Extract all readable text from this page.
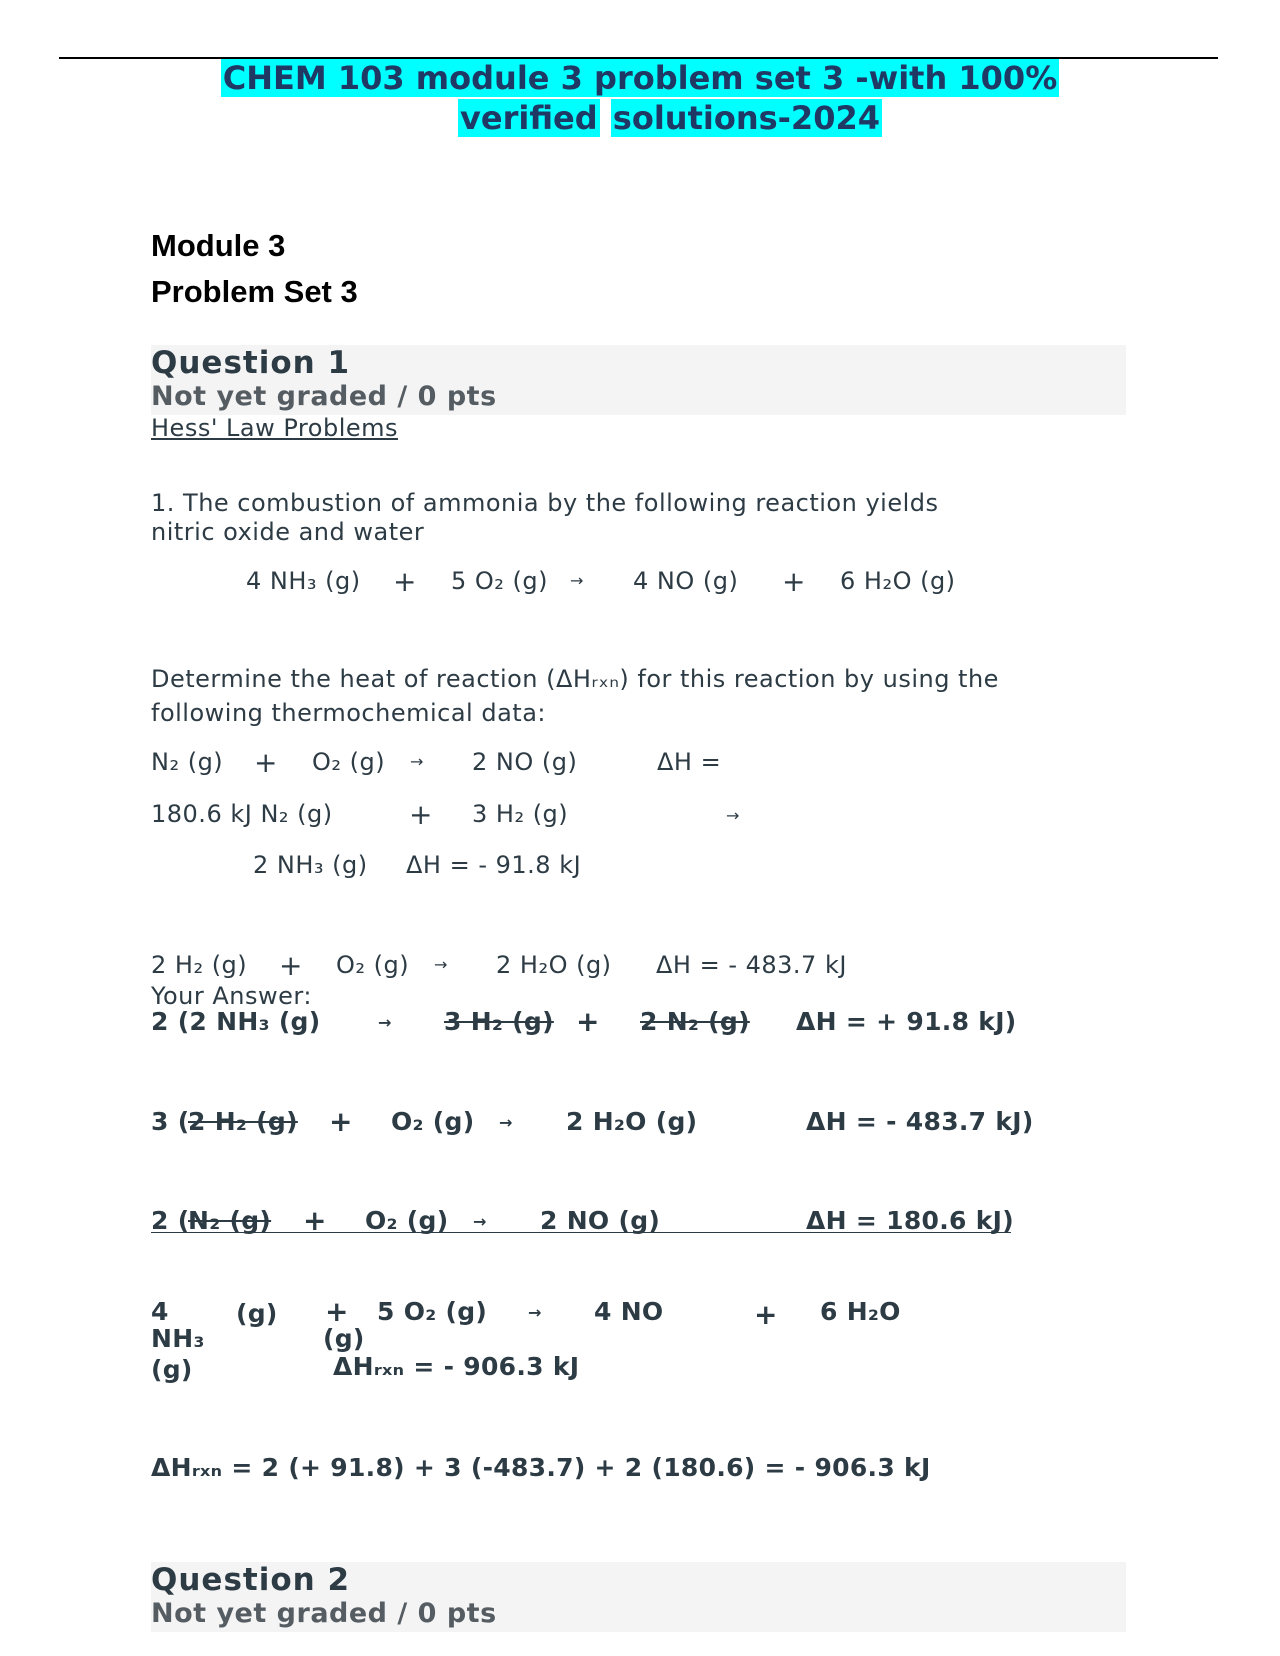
CHEM 103 module 3 problem set 3 -with 100%
verified solutions-2024
Module 3
Problem Set 3
Question 1
Not yet graded / 0 pts
Hess' Law Problems
1. The combustion of ammonia by the following reaction yields
nitric oxide and water
4 NH₃ (g) + 5 O₂ (g) → 4 NO (g) + 6 H₂O (g)
Determine the heat of reaction (ΔHᵣₓₙ) for this reaction by using the
following thermochemical data:
N₂ (g) + O₂ (g) → 2 NO (g)	ΔH =
180.6 kJ N₂ (g)	+ 3 H₂ (g)	→
2 NH₃ (g) ΔH = - 91.8 kJ
2 H₂ (g) + O₂ (g) → 2 H₂O (g) ΔH = - 483.7 kJ
Your Answer:
2 (2 NH₃ (g)	→ 3 H₂ (g) + 2 N₂ (g) ΔH = + 91.8 kJ)
3 (
2 H₂ (g) + O₂ (g) → 2 H₂O (g)	ΔH = - 483.7 kJ)
2 (
N₂ (g) + O₂ (g) → 2 NO (g)	ΔH = 180.6 kJ)
4
NH₃
(g)
(g) + 5 O₂ (g)	→ 4 NO
(g)
+ 6 H₂O
ΔHᵣₓₙ = - 906.3 kJ
ΔHᵣₓₙ = 2 (+ 91.8) + 3 (-483.7) + 2 (180.6) = - 906.3 kJ
Question 2
Not yet graded / 0 pts
